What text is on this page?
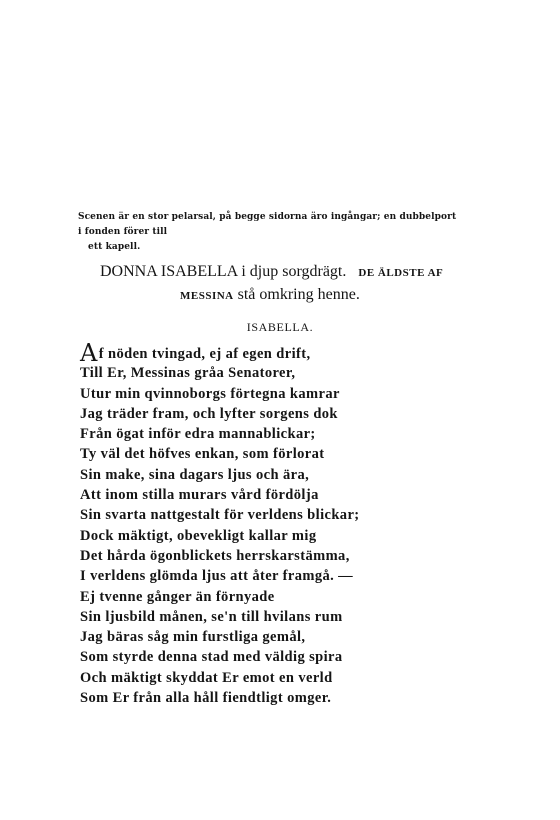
Scenen är en stor pelarsal, på begge sidorna äro ingångar; en dubbelport i fonden förer till
ett kapell.
DONNA ISABELLA i djup sorgdrägt. DE ÄLDSTE AF
MESSINA stå omkring henne.
ISABELLA.
Af nöden tvingad, ej af egen drift,
Till Er, Messinas gråa Senatorer,
Utur min qvinnoborgs förtegna kamrar
Jag träder fram, och lyfter sorgens dok
Från ögat inför edra mannablickar;
Ty väl det höfves enkan, som förlorat
Sin make, sina dagars ljus och ära,
Att inom stilla murars vård fördölja
Sin svarta nattgestalt för verldens blickar;
Dock mäktigt, obevekligt kallar mig
Det hårda ögonblickets herrskarstämma,
I verldens glömda ljus att åter framgå. —
Ej tvenne gånger än förnyade
Sin ljusbild månen, se'n till hvilans rum
Jag bäras såg min furstliga gemål,
Som styrde denna stad med väldig spira
Och mäktigt skyddat Er emot en verld
Som Er från alla håll fiendtligt omger.
